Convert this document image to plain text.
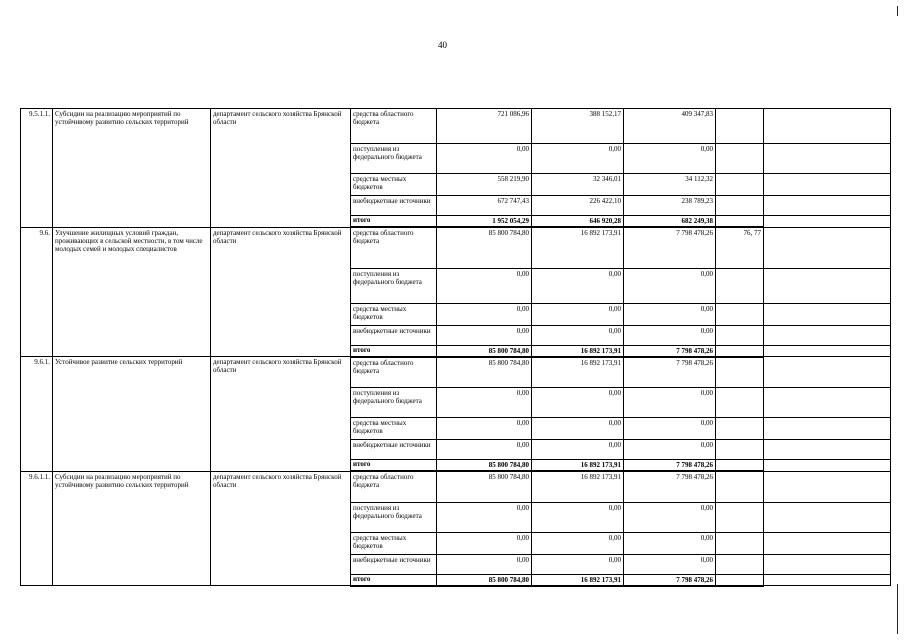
40
9.5.1.1.	Субсидии на реализацию мероприятий по устойчивому развитию сельских территорий	департамент сельского хозяйства Брянской области	средства областного бюджета	721 086,96	388 152,17	409 347,83		
			поступления из федерального бюджета	0,00	0,00	0,00		
			средства местных бюджетов	558 219,90	32 346,01	34 112,32		
			внебюджетные источники	672 747,43	226 422,10	238 789,23		
			итого	1 952 054,29	646 920,28	682 249,38		
9.6.	Улучшение жилищных условий граждан, проживающих в сельской местности, в том числе молодых семей и молодых специалистов	департамент сельского хозяйства Брянской области	средства областного бюджета	85 800 784,80	16 892 173,91	7 798 478,26	76, 77	
			поступления из федерального бюджета	0,00	0,00	0,00		
			средства местных бюджетов	0,00	0,00	0,00		
			внебюджетные источники	0,00	0,00	0,00		
			итого	85 800 784,80	16 892 173,91	7 798 478,26		
9.6.1.	Устойчивое развитие сельских территорий	департамент сельского хозяйства Брянской области	средства областного бюджета	85 800 784,80	16 892 173,91	7 798 478,26		
			поступления из федерального бюджета	0,00	0,00	0,00		
			средства местных бюджетов	0,00	0,00	0,00		
			внебюджетные источники	0,00	0,00	0,00		
			итого	85 800 784,80	16 892 173,91	7 798 478,26		
9.6.1.1.	Субсидии на реализацию мероприятий по устойчивому развитию сельских территорий	департамент сельского хозяйства Брянской области	средства областного бюджета	85 800 784,80	16 892 173,91	7 798 478,26		
			поступления из федерального бюджета	0,00	0,00	0,00		
			средства местных бюджетов	0,00	0,00	0,00		
			внебюджетные источники	0,00	0,00	0,00		
			итого	85 800 784,80	16 892 173,91	7 798 478,26		
